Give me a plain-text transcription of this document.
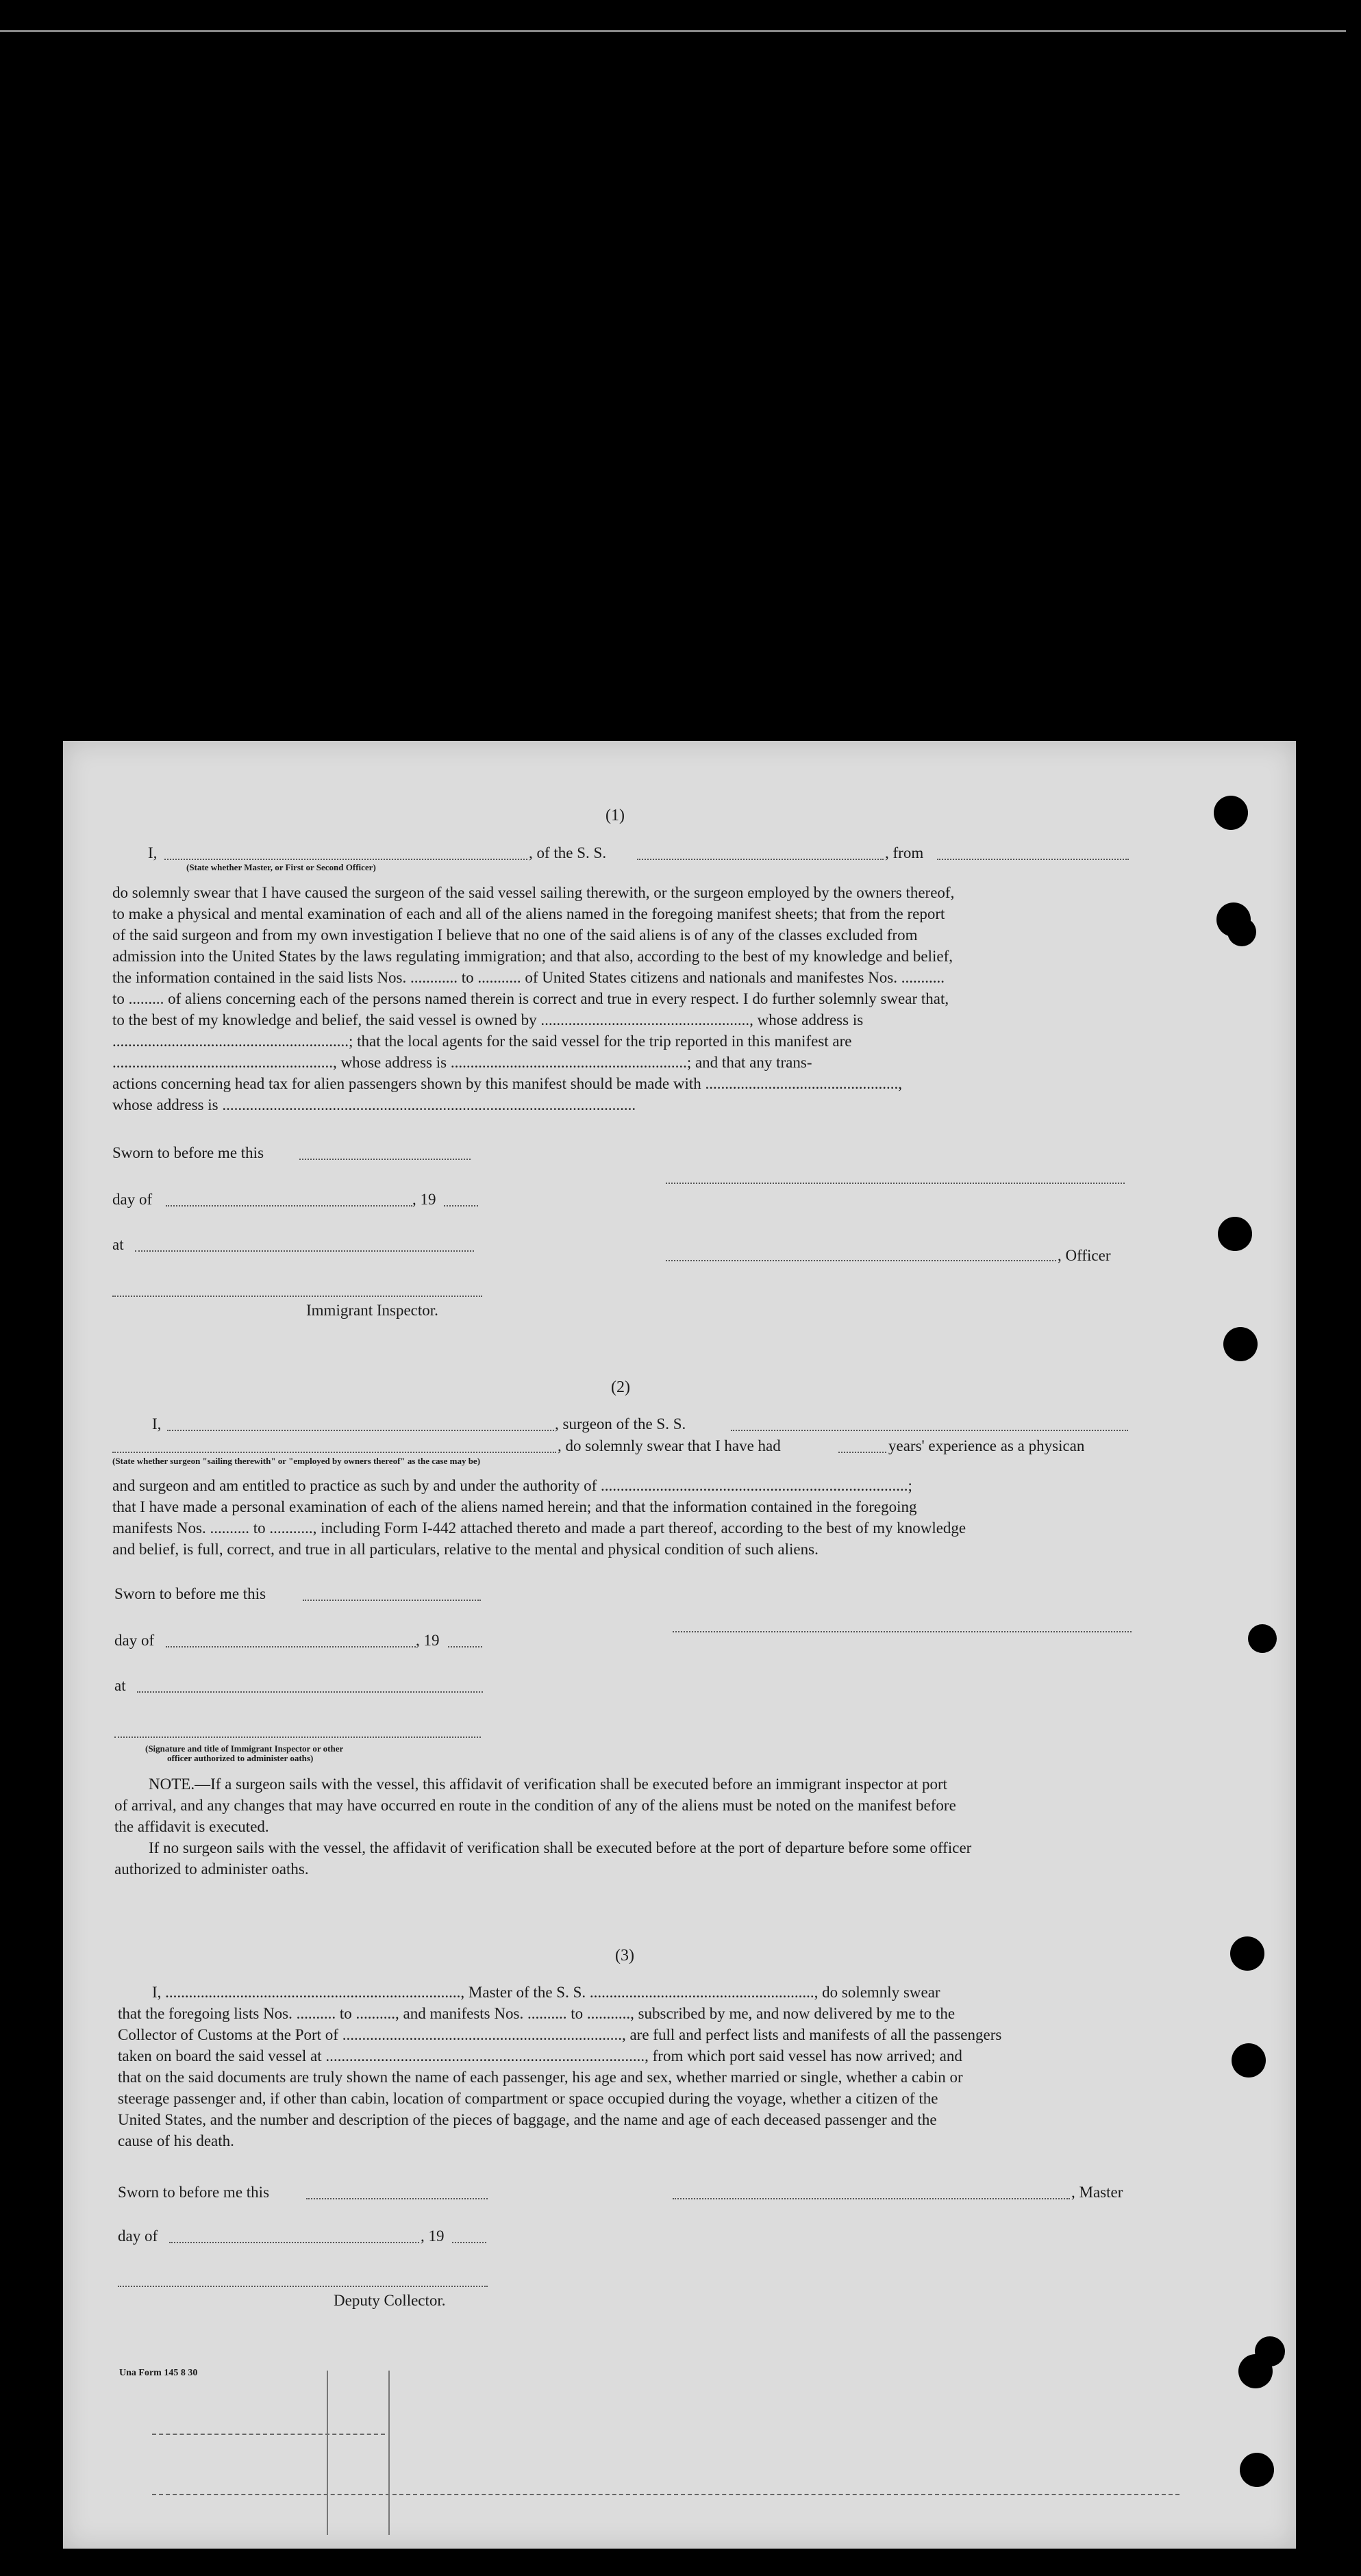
(1)
I,
(State whether Master, or First or Second Officer)
, of the S. S.	, from
do solemnly swear that I have caused the surgeon of the said vessel sailing therewith, or the surgeon employed by the owners thereof,
to make a physical and mental examination of each and all of the aliens named in the foregoing manifest sheets; that from the report
of the said surgeon and from my own investigation I believe that no one of the said aliens is of any of the classes excluded from
admission into the United States by the laws regulating immigration; and that also, according to the best of my knowledge and belief,
the information contained in the said lists Nos. ............ to ........... of United States citizens and nationals and manifestes Nos. ...........
to ......... of aliens concerning each of the persons named therein is correct and true in every respect. I do further solemnly swear that,
to the best of my knowledge and belief, the said vessel is owned by ....................................................., whose address is
............................................................; that the local agents for the said vessel for the trip reported in this manifest are
........................................................, whose address is ............................................................; and that any trans-
actions concerning head tax for alien passengers shown by this manifest should be made with .................................................,
whose address is .........................................................................................................
Sworn to before me this
day of	, 19
at
, Officer
Immigrant Inspector.
(2)
I,	, surgeon of the S. S.
, do solemnly swear that I have had	years' experience as a physican
(State whether surgeon "sailing therewith" or "employed by owners thereof" as the case may be)
and surgeon and am entitled to practice as such by and under the authority of ..............................................................................;
that I have made a personal examination of each of the aliens named herein; and that the information contained in the foregoing
manifests Nos. .......... to ..........., including Form I-442 attached thereto and made a part thereof, according to the best of my knowledge
and belief, is full, correct, and true in all particulars, relative to the mental and physical condition of such aliens.
Sworn to before me this
day of	, 19
at
(Signature and title of Immigrant Inspector or other
officer authorized to administer oaths)
NOTE.—If a surgeon sails with the vessel, this affidavit of verification shall be executed before an immigrant inspector at port
of arrival, and any changes that may have occurred en route in the condition of any of the aliens must be noted on the manifest before
the affidavit is executed.
If no surgeon sails with the vessel, the affidavit of verification shall be executed before at the port of departure before some officer
authorized to administer oaths.
(3)
I, ..........................................................................., Master of the S. S. ........................................................., do solemnly swear
that the foregoing lists Nos. .......... to .........., and manifests Nos. .......... to ..........., subscribed by me, and now delivered by me to the
Collector of Customs at the Port of ......................................................................., are full and perfect lists and manifests of all the passengers
taken on board the said vessel at ................................................................................., from which port said vessel has now arrived; and
that on the said documents are truly shown the name of each passenger, his age and sex, whether married or single, whether a cabin or
steerage passenger and, if other than cabin, location of compartment or space occupied during the voyage, whether a citizen of the
United States, and the number and description of the pieces of baggage, and the name and age of each deceased passenger and the
cause of his death.
Sworn to before me this	, Master
day of	, 19
Deputy Collector.
Una Form 145 8 30
